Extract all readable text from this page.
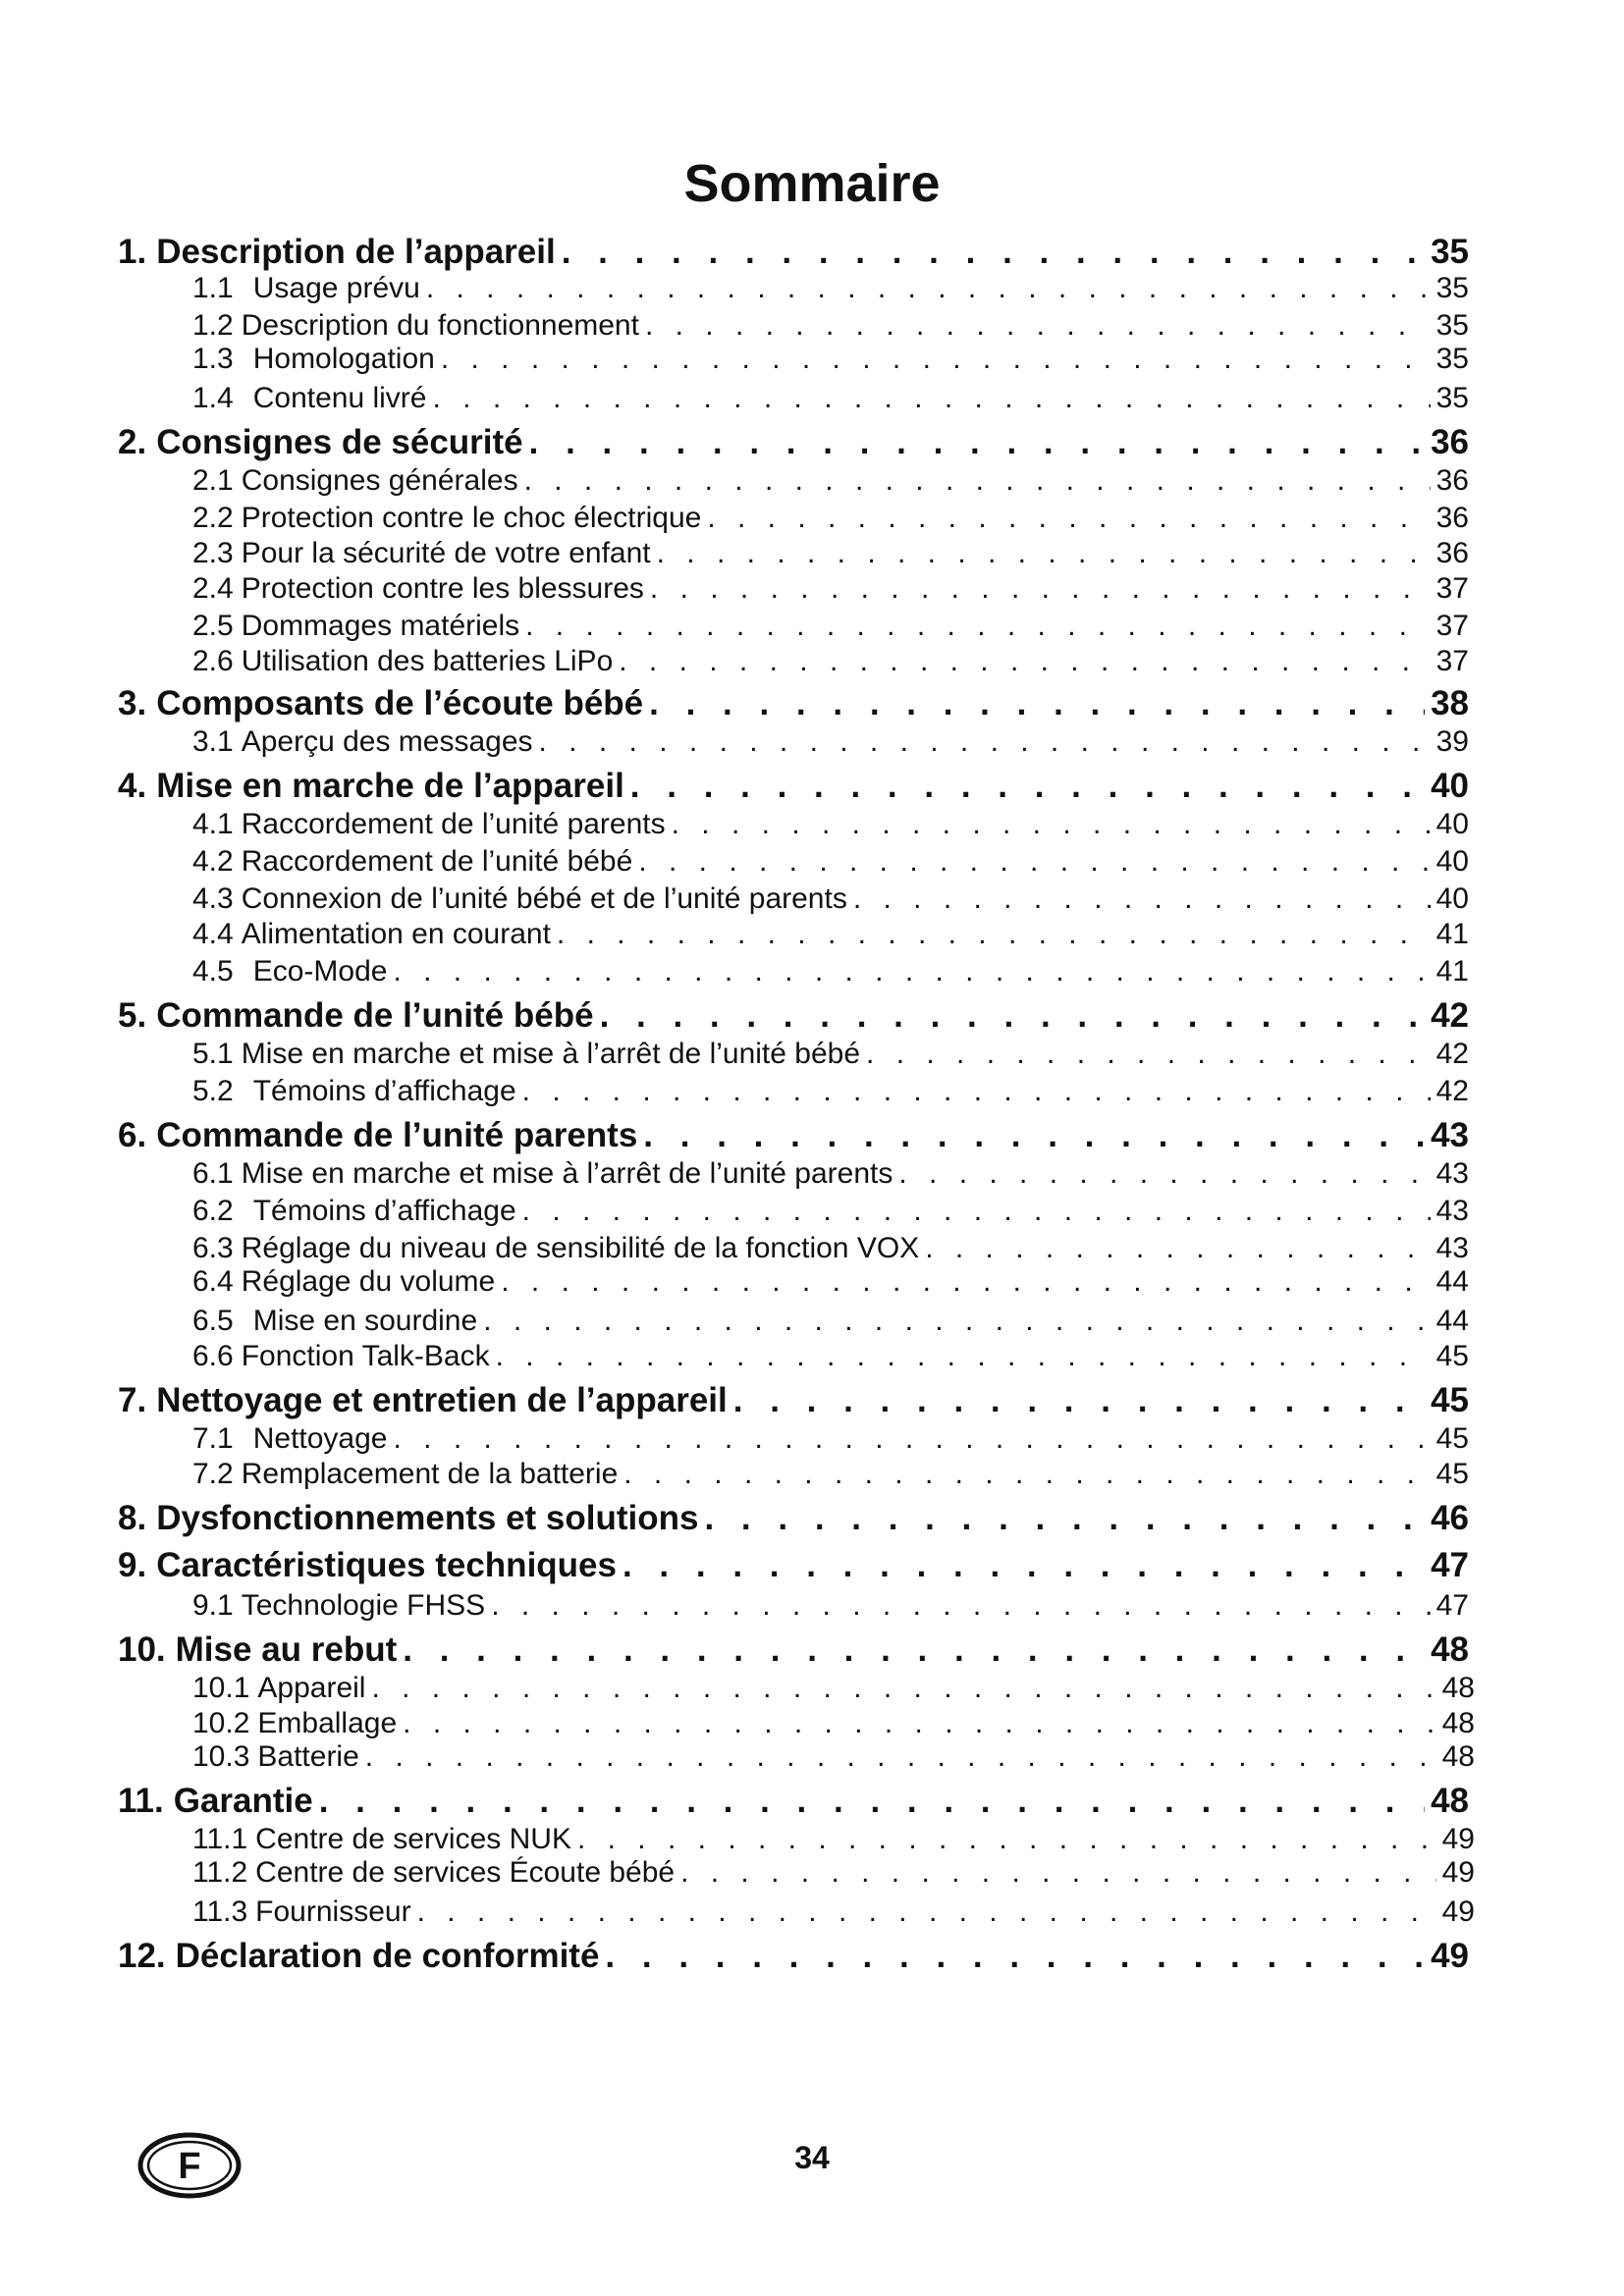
Sommaire
1. Description de l’appareil . . .	35
1.1 Usage prévu . . .	35
1.2 Description du fonctionnement . . .	35
1.3 Homologation . . .	35
1.4 Contenu livré . . .	35
2. Consignes de sécurité . . .	36
2.1 Consignes générales . . .	36
2.2 Protection contre le choc électrique . . .	36
2.3 Pour la sécurité de votre enfant . . .	36
2.4 Protection contre les blessures . . .	37
2.5 Dommages matériels . . .	37
2.6 Utilisation des batteries LiPo . . .	37
3. Composants de l’écoute bébé . . .	38
3.1 Aperçu des messages . . .	39
4. Mise en marche de l’appareil . . .	40
4.1 Raccordement de l’unité parents . . .	40
4.2 Raccordement de l’unité bébé . . .	40
4.3 Connexion de l’unité bébé et de l’unité parents . . .	40
4.4 Alimentation en courant . . .	41
4.5 Eco-Mode . . .	41
5. Commande de l’unité bébé . . .	42
5.1 Mise en marche et mise à l’arrêt de l’unité bébé . . .	42
5.2 Témoins d’affichage . . .	42
6. Commande de l’unité parents . . .	43
6.1 Mise en marche et mise à l’arrêt de l’unité parents . . .	43
6.2 Témoins d’affichage . . .	43
6.3 Réglage du niveau de sensibilité de la fonction VOX . . .	43
6.4 Réglage du volume . . .	44
6.5 Mise en sourdine . . .	44
6.6 Fonction Talk-Back . . .	45
7. Nettoyage et entretien de l’appareil . . .	45
7.1 Nettoyage . . .	45
7.2 Remplacement de la batterie . . .	45
8. Dysfonctionnements et solutions . . .	46
9. Caractéristiques techniques . . .	47
9.1 Technologie FHSS . . .	47
10. Mise au rebut . . .	48
10.1 Appareil . . .	48
10.2 Emballage . . .	48
10.3 Batterie . . .	48
11. Garantie . . .	48
11.1 Centre de services NUK . . .	49
11.2 Centre de services Écoute bébé . . .	49
11.3 Fournisseur . . .	49
12. Déclaration de conformité . . .	49
F	34
